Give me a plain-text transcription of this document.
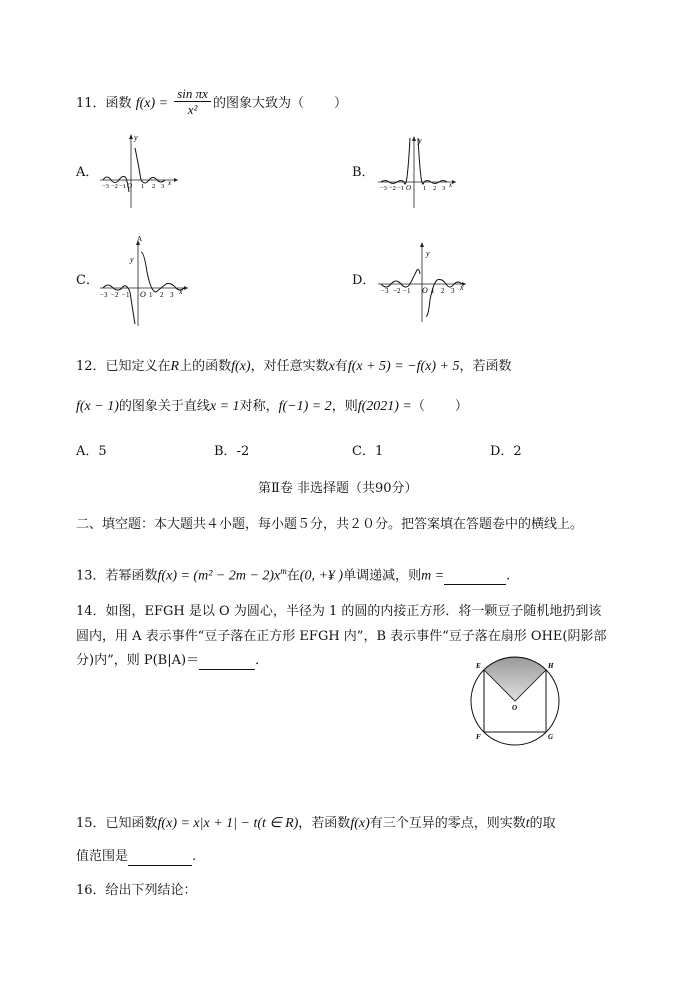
11．函数 $f(x) = \frac{\text{sin πx}}{\text{x²}}$ 的图象大致为（ ）
A．
y
−3 −2 −1 O 1 2 3 x
B．
y
−3 −2 −1 O 1 2 3 x
C．
A
y
−3 −2 −1 O 1 2 3 x
D．
y
−3 −2 −1 O 1 2 3 x
12．已知定义在R上的函数f(x)，对任意实数x有f(x + 5) = −f(x) + 5，若函数
f(x − 1)的图象关于直线x = 1对称，f(−1) = 2，则f(2021) =（ ）
A．5	B．-2	C．1	D．2
第Ⅱ卷 非选择题（共90分）
二、填空题：本大题共４小题，每小题５分，共２０分。把答案填在答题卷中的横线上。
13．若幂函数$f(x) = (m^2 - 2m - 2)x^m$在(0, +¥ )单调递减，则m =	.
14．如图，EFGH 是以 O 为圆心，半径为 1 的圆的内接正方形．将一颗豆子随机地扔到该
圆内，用 A 表示事件“豆子落在正方形 EFGH 内”，B 表示事件“豆子落在扇形 OHE(阴影部
分)内”，则 P(B|A)＝	．	E	H
O
F	G
15．已知函数f(x) = x|x + 1| − t(t ∈ R)，若函数f(x)有三个互异的零点，则实数t的取
值范围是	.
16．给出下列结论：
